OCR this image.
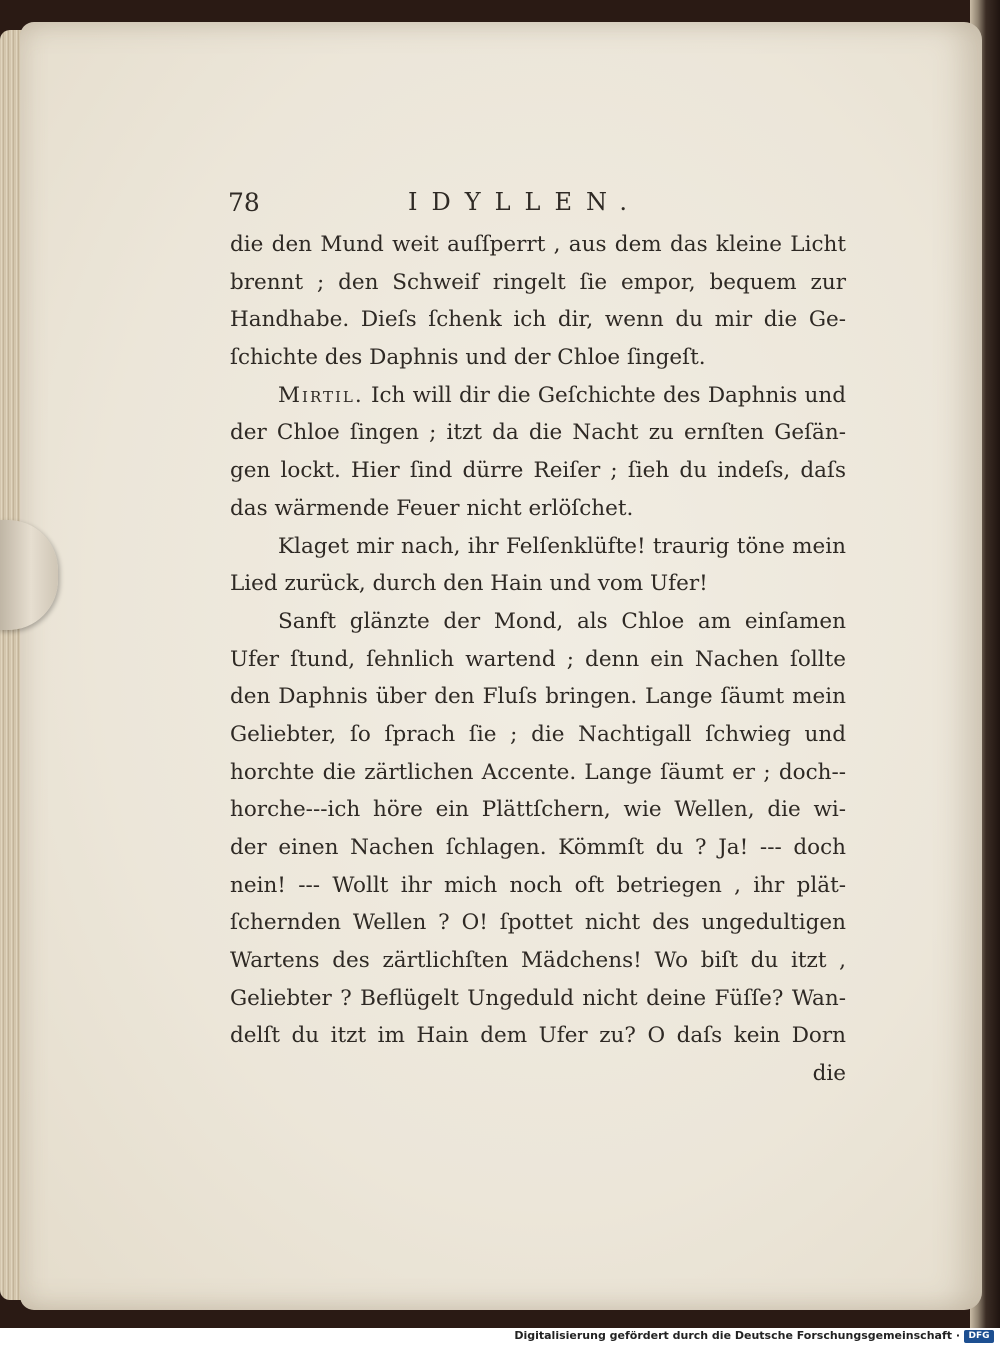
78	IDYLLEN.
die den Mund weit auſſperrt , aus dem das kleine Licht
brennt ; den Schweif ringelt ſie empor, bequem zur
Handhabe. Dieſs ſchenk ich dir, wenn du mir die Ge-
ſchichte des Daphnis und der Chloe ſingeſt.
Mirtil. Ich will dir die Geſchichte des Daphnis und
der Chloe ſingen ; itzt da die Nacht zu ernſten Geſän-
gen lockt. Hier ſind dürre Reiſer ; ſieh du indeſs, daſs
das wärmende Feuer nicht erlöſchet.
Klaget mir nach, ihr Felſenklüfte! traurig töne mein
Lied zurück, durch den Hain und vom Ufer!
Sanft glänzte der Mond, als Chloe am einſamen
Ufer ſtund, ſehnlich wartend ; denn ein Nachen ſollte
den Daphnis über den Fluſs bringen. Lange ſäumt mein
Geliebter, ſo ſprach ſie ; die Nachtigall ſchwieg und
horchte die zärtlichen Accente. Lange ſäumt er ; doch--
horche---ich höre ein Plättſchern, wie Wellen, die wi-
der einen Nachen ſchlagen. Kömmſt du ? Ja! --- doch
nein! --- Wollt ihr mich noch oft betriegen , ihr plät-
ſchernden Wellen ? O! ſpottet nicht des ungedultigen
Wartens des zärtlichſten Mädchens! Wo biſt du itzt ,
Geliebter ? Beflügelt Ungeduld nicht deine Füſſe? Wan-
delſt du itzt im Hain dem Ufer zu? O daſs kein Dorn
die
Digitalisierung gefördert durch die Deutsche Forschungsgemeinschaft · DFG
